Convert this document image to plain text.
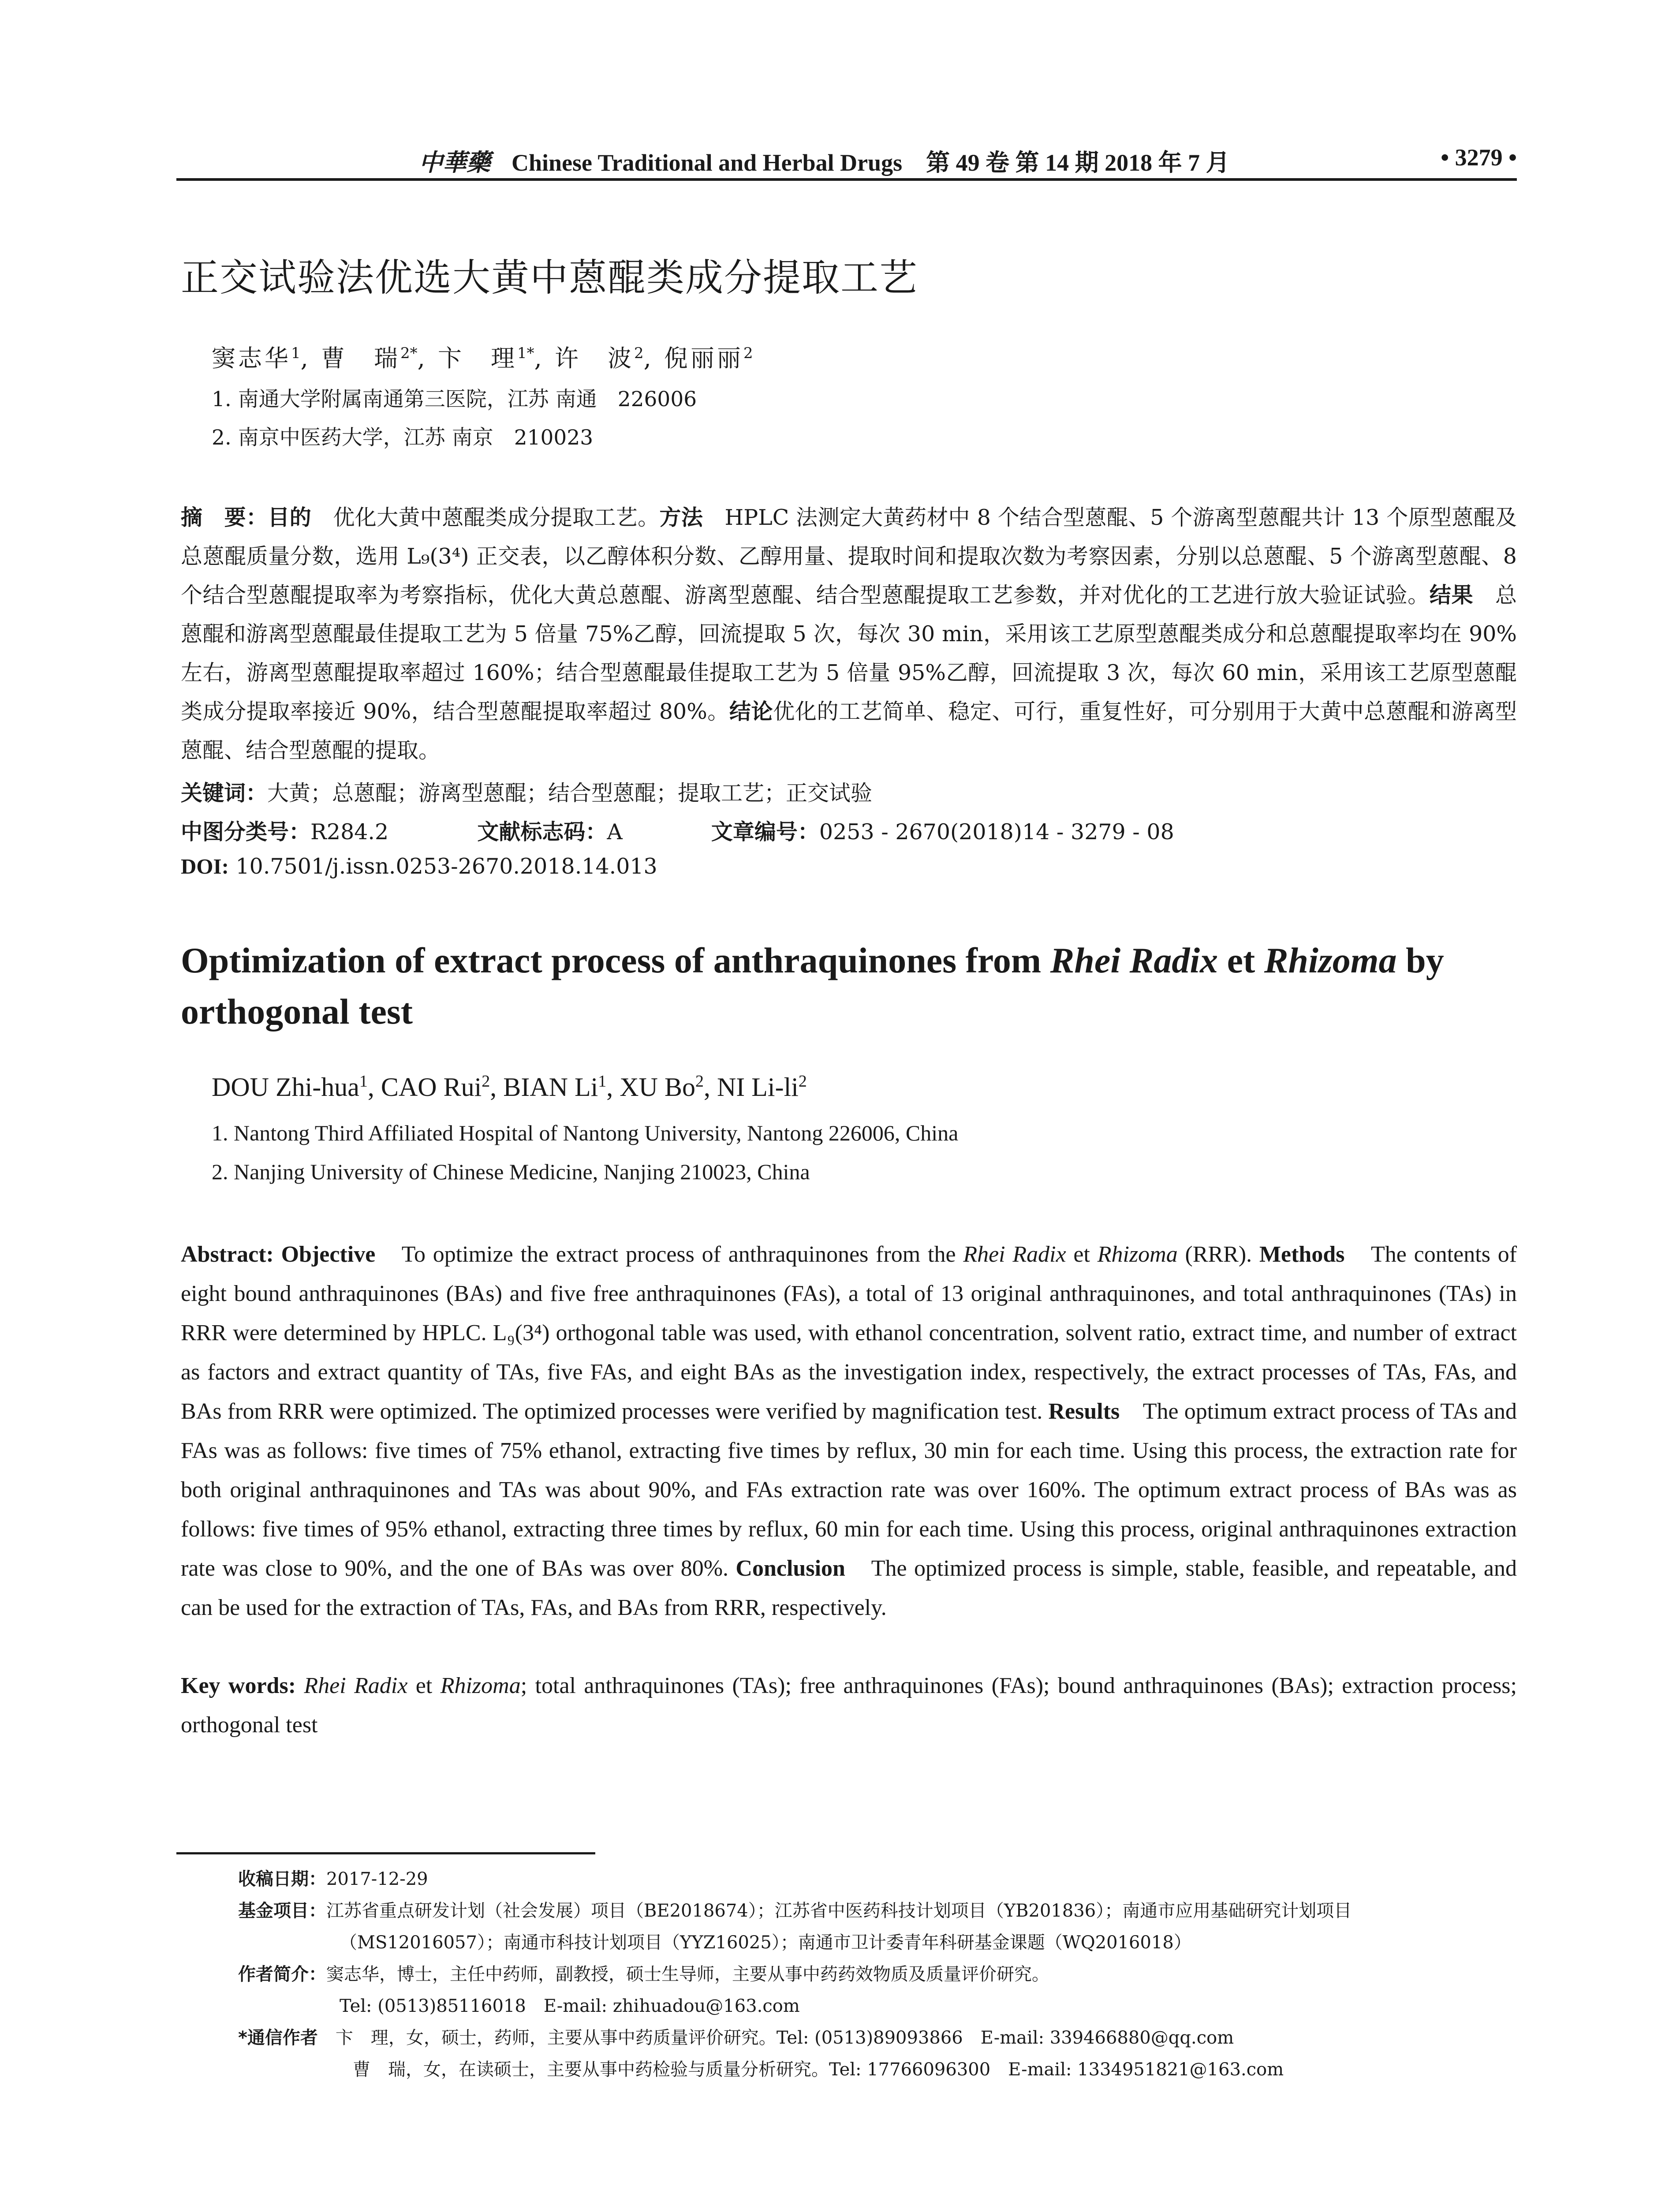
中華藥 Chinese Traditional and Herbal Drugs　第 49 卷 第 14 期 2018 年 7 月	• 3279 •
正交试验法优选大黄中蒽醌类成分提取工艺
窦志华$^1$, 曹　瑞$^{2*}$, 卞　理$^{1*}$, 许　波$^2$, 倪丽丽$^2$
1. 南通大学附属南通第三医院，江苏 南通　226006
2. 南京中医药大学，江苏 南京　210023
摘　要：目的　优化大黄中蒽醌类成分提取工艺。方法　HPLC 法测定大黄药材中 8 个结合型蒽醌、5 个游离型蒽醌共计 13 个原型蒽醌及总蒽醌质量分数，选用 L₉(3⁴) 正交表，以乙醇体积分数、乙醇用量、提取时间和提取次数为考察因素，分别以总蒽醌、5 个游离型蒽醌、8 个结合型蒽醌提取率为考察指标，优化大黄总蒽醌、游离型蒽醌、结合型蒽醌提取工艺参数，并对优化的工艺进行放大验证试验。结果　总蒽醌和游离型蒽醌最佳提取工艺为 5 倍量 75%乙醇，回流提取 5 次，每次 30 min，采用该工艺原型蒽醌类成分和总蒽醌提取率均在 90%左右，游离型蒽醌提取率超过 160%；结合型蒽醌最佳提取工艺为 5 倍量 95%乙醇，回流提取 3 次，每次 60 min，采用该工艺原型蒽醌类成分提取率接近 90%，结合型蒽醌提取率超过 80%。结论优化的工艺简单、稳定、可行，重复性好，可分别用于大黄中总蒽醌和游离型蒽醌、结合型蒽醌的提取。
关键词：大黄；总蒽醌；游离型蒽醌；结合型蒽醌；提取工艺；正交试验
中图分类号：R284.2	文献标志码：A	文章编号：0253 - 2670(2018)14 - 3279 - 08
DOI: 10.7501/j.issn.0253-2670.2018.14.013
Optimization of extract process of anthraquinones from Rhei Radix et Rhizoma by orthogonal test
DOU Zhi-hua$^1$, CAO Rui$^2$, BIAN Li$^1$, XU Bo$^2$, NI $Li-li^2$
1. Nantong Third Affiliated Hospital of Nantong University, Nantong 226006, China
2. Nanjing University of Chinese Medicine, Nanjing 210023, China
Abstract: Objective　To optimize the extract process of anthraquinones from the Rhei Radix et Rhizoma (RRR). Methods　The contents of eight bound anthraquinones (BAs) and five free anthraquinones (FAs), a total of 13 original anthraquinones, and total anthraquinones (TAs) in RRR were determined by HPLC. L₉(3⁴) orthogonal table was used, with ethanol concentration, solvent ratio, extract time, and number of extract as factors and extract quantity of TAs, five FAs, and eight BAs as the investigation index, respectively, the extract processes of TAs, FAs, and BAs from RRR were optimized. The optimized processes were verified by magnification test. Results　The optimum extract process of TAs and FAs was as follows: five times of 75% ethanol, extracting five times by reflux, 30 min for each time. Using this process, the extraction rate for both original anthraquinones and TAs was about 90%, and FAs extraction rate was over 160%. The optimum extract process of BAs was as follows: five times of 95% ethanol, extracting three times by reflux, 60 min for each time. Using this process, original anthraquinones extraction rate was close to 90%, and the one of BAs was over 80%. Conclusion　The optimized process is simple, stable, feasible, and repeatable, and can be used for the extraction of TAs, FAs, and BAs from RRR, respectively.
Key words: Rhei Radix et Rhizoma; total anthraquinones (TAs); free anthraquinones (FAs); bound anthraquinones (BAs); extraction process; orthogonal test
收稿日期：2017-12-29
基金项目：江苏省重点研发计划（社会发展）项目（BE2018674）；江苏省中医药科技计划项目（YB201836）；南通市应用基础研究计划项目
（MS12016057）；南通市科技计划项目（YYZ16025）；南通市卫计委青年科研基金课题（WQ2016018）
作者简介：窦志华，博士，主任中药师，副教授，硕士生导师，主要从事中药药效物质及质量评价研究。
Tel: (0513)85116018　E-mail: zhihuadou@163.com
*通信作者　卞　理，女，硕士，药师，主要从事中药质量评价研究。Tel: (0513)89093866　E-mail: 339466880@qq.com
曹　瑞，女，在读硕士，主要从事中药检验与质量分析研究。Tel: 17766096300　E-mail: 1334951821@163.com
